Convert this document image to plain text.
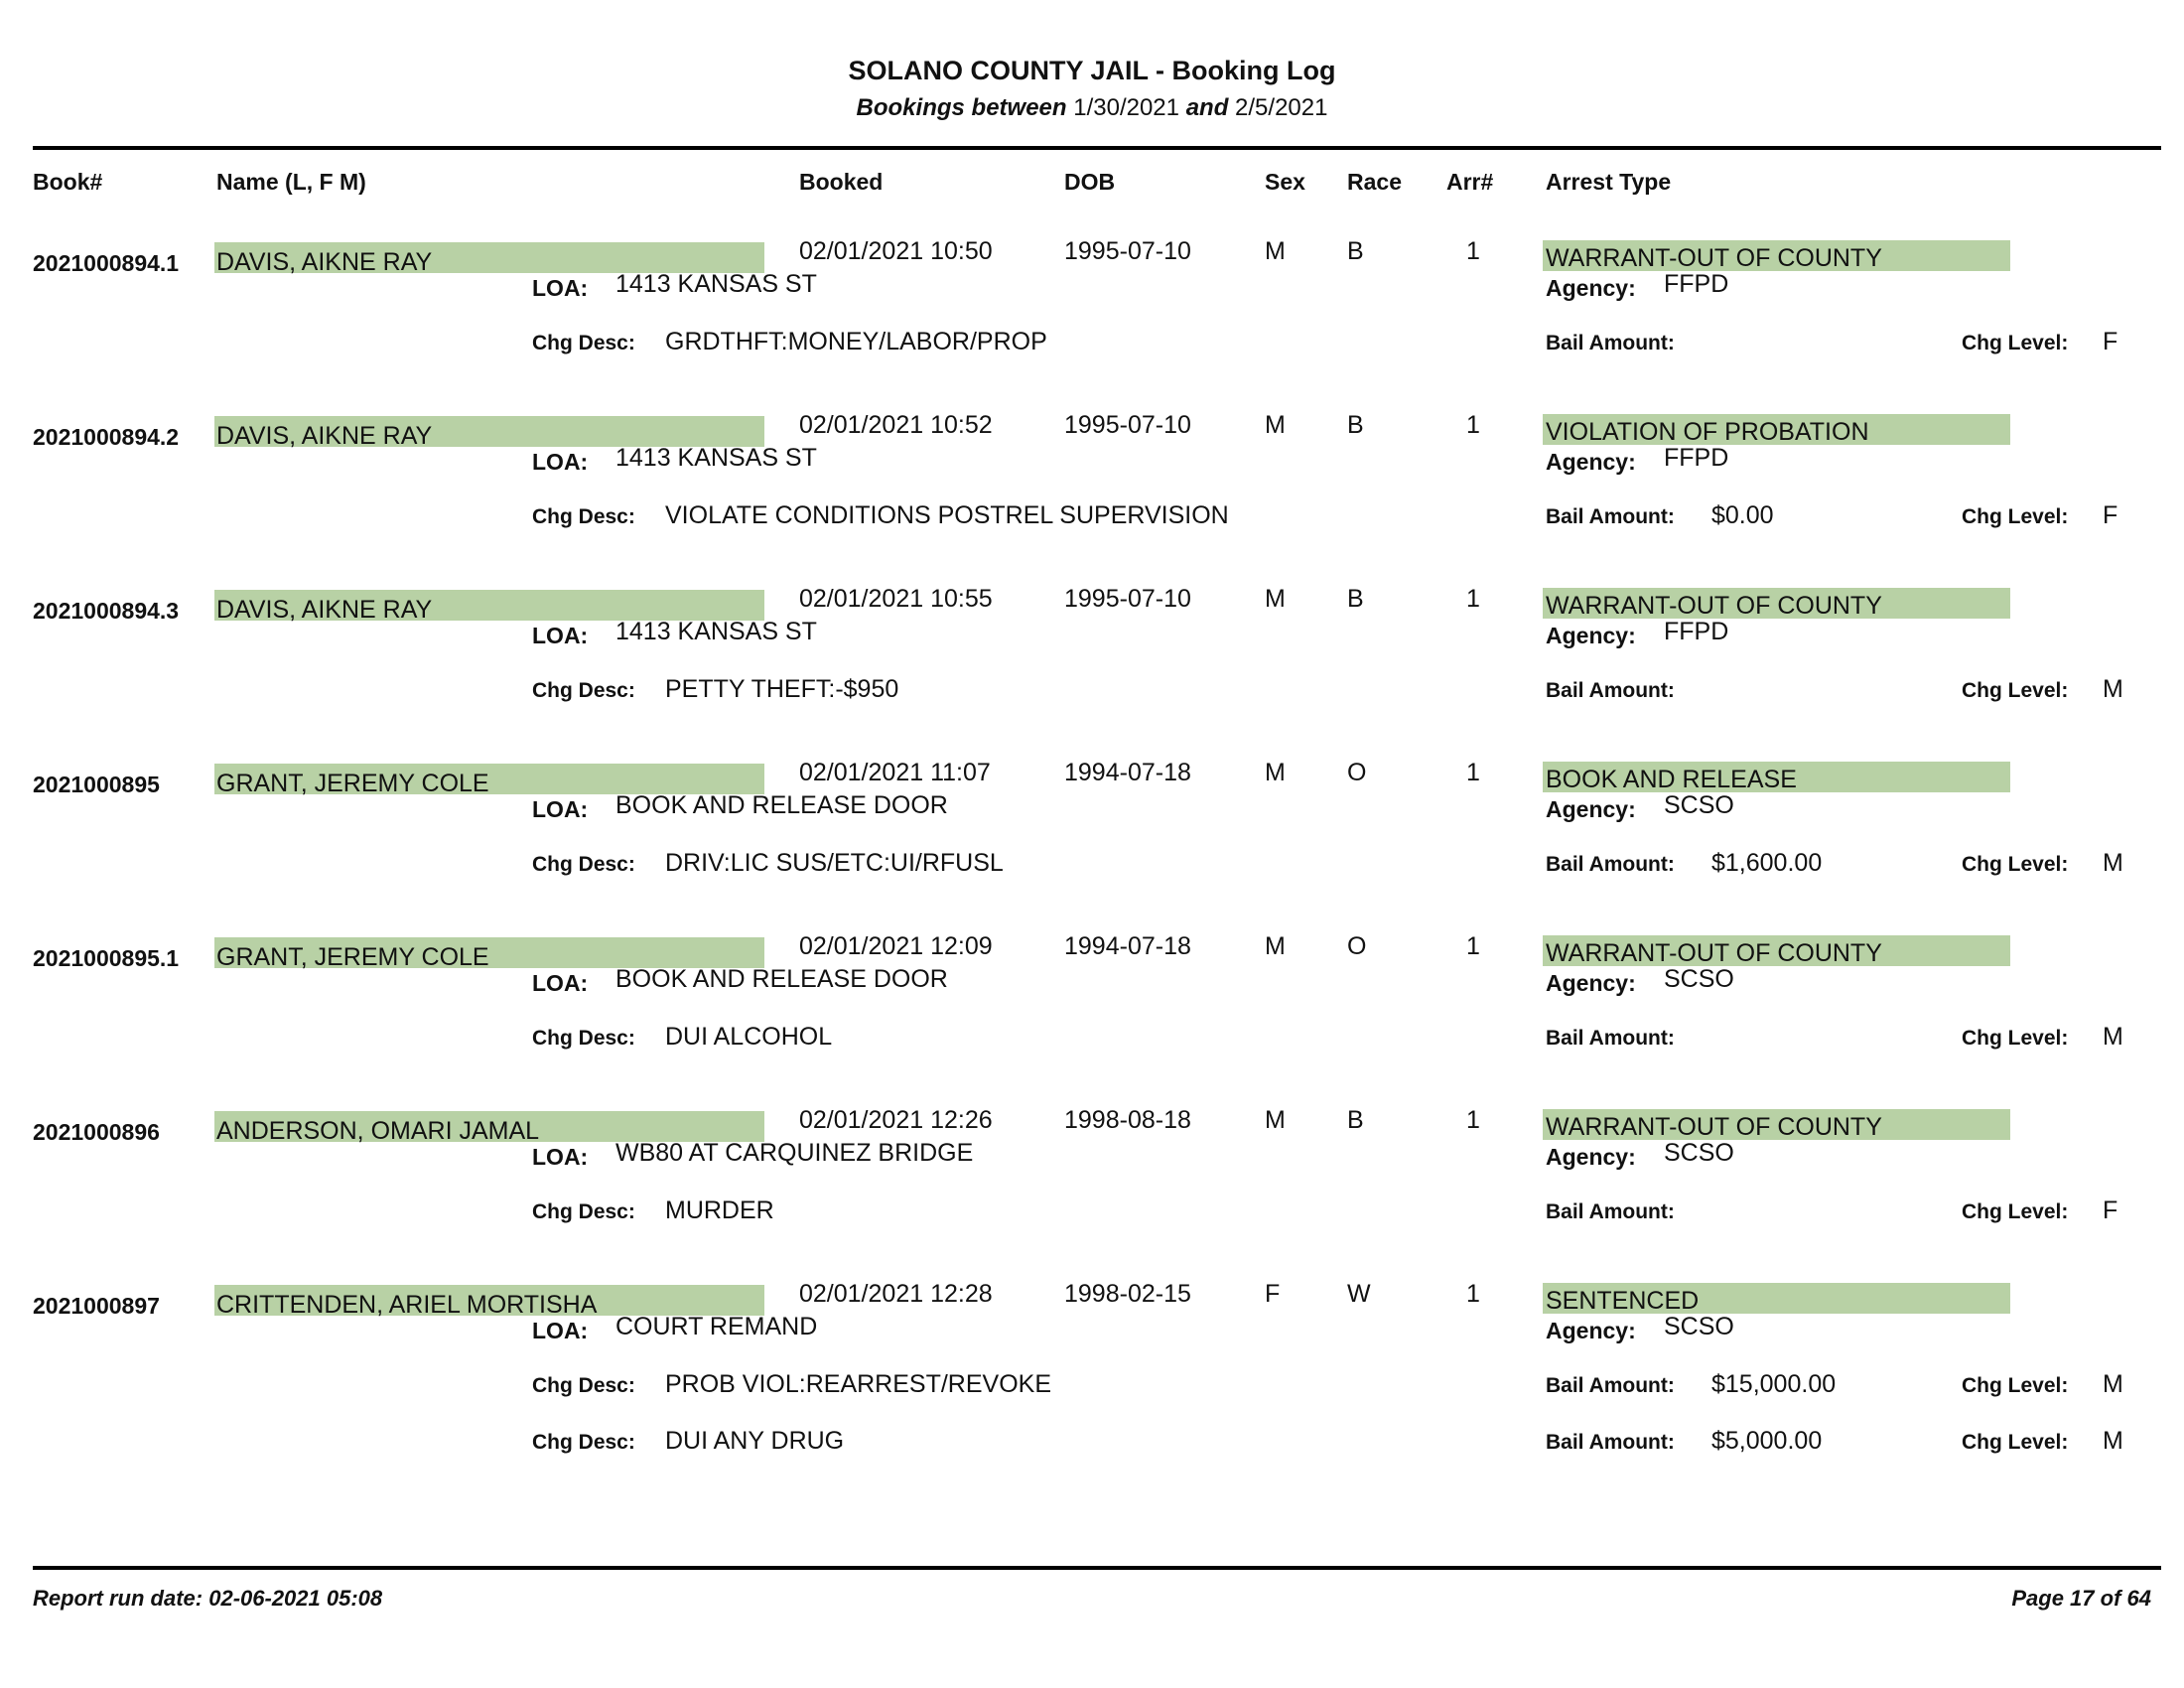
SOLANO COUNTY JAIL - Booking Log
Bookings between 1/30/2021 and 2/5/2021
Book#	Name (L, F M)	Booked	DOB	Sex Race Arr# Arrest Type
2021000894.1 DAVIS, AIKNE RAY	02/01/2021 10:50	1995-07-10	M B	1	WARRANT-OUT OF COUNTY
LOA: 1413 KANSAS ST	Agency: FFPD
Chg Desc: GRDTHFT:MONEY/LABOR/PROP	Bail Amount:	Chg Level: F
2021000894.2 DAVIS, AIKNE RAY	02/01/2021 10:52	1995-07-10	M B	1	VIOLATION OF PROBATION
LOA: 1413 KANSAS ST	Agency: FFPD
Chg Desc: VIOLATE CONDITIONS POSTREL SUPERVISION	Bail Amount: $0.00	Chg Level: F
2021000894.3 DAVIS, AIKNE RAY	02/01/2021 10:55	1995-07-10	M B	1	WARRANT-OUT OF COUNTY
LOA: 1413 KANSAS ST	Agency: FFPD
Chg Desc: PETTY THEFT:-$950	Bail Amount:	Chg Level: M
2021000895 GRANT, JEREMY COLE	02/01/2021 11:07	1994-07-18	M O	1	BOOK AND RELEASE
LOA: BOOK AND RELEASE DOOR	Agency: SCSO
Chg Desc: DRIV:LIC SUS/ETC:UI/RFUSL	Bail Amount: $1,600.00	Chg Level: M
2021000895.1 GRANT, JEREMY COLE	02/01/2021 12:09	1994-07-18	M O	1	WARRANT-OUT OF COUNTY
LOA: BOOK AND RELEASE DOOR	Agency: SCSO
Chg Desc: DUI ALCOHOL	Bail Amount:	Chg Level: M
2021000896 ANDERSON, OMARI JAMAL	02/01/2021 12:26	1998-08-18	M B	1	WARRANT-OUT OF COUNTY
LOA: WB80 AT CARQUINEZ BRIDGE	Agency: SCSO
Chg Desc: MURDER	Bail Amount:	Chg Level: F
2021000897 CRITTENDEN, ARIEL MORTISHA	02/01/2021 12:28	1998-02-15	F	W	1	SENTENCED
LOA: COURT REMAND	Agency: SCSO
Chg Desc: PROB VIOL:REARREST/REVOKE	Bail Amount: $15,000.00	Chg Level: M
Chg Desc: DUI ANY DRUG	Bail Amount: $5,000.00	Chg Level: M
Report run date: 02-06-2021 05:08	Page 17 of 64
